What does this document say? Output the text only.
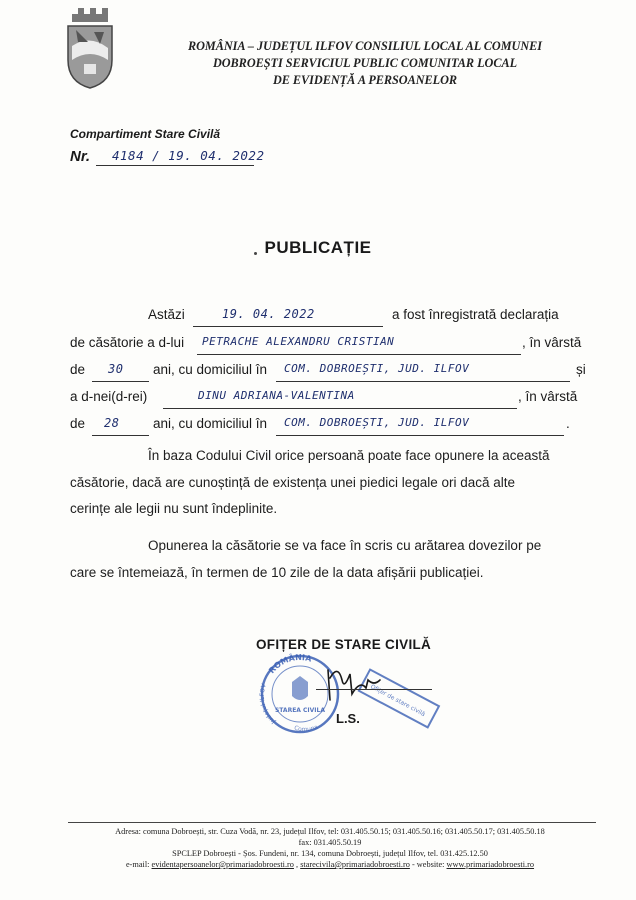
ROMÂNIA – JUDEȚUL ILFOV CONSILIUL LOCAL AL COMUNEI
DOBROEȘTI SERVICIUL PUBLIC COMUNITAR LOCAL
DE EVIDENȚĂ A PERSOANELOR
Compartiment Stare Civilă
Nr. 4184 / 19. 04. 2022
PUBLICAȚIE
Astăzi	19. 04. 2022	a fost înregistrată declarația
de căsătorie a d-lui PETRACHE ALEXANDRU CRISTIAN	, în vârstă
de 30 ani, cu domiciliul în COM. DOBROEȘTI, JUD. ILFOV	și
a d-nei(d-rei)	DINU ADRIANA-VALENTINA	, în vârstă
de 28 ani, cu domiciliul în COM. DOBROEȘTI, JUD. ILFOV	.
În baza Codului Civil orice persoană poate face opunere la această
căsătorie, dacă are cunoștință de existența unei piedici legale ori dacă alte
cerințe ale legii nu sunt îndeplinite.
Opunerea la căsătorie se va face în scris cu arătarea dovezilor pe
care se întemeiază, în termen de 10 zile de la data afișării publicației.
OFIȚER DE STARE CIVILĂ
ROMÂNIA
Județul ILFOV
Comuna
STAREA CIVILĂ	Ofițer de stare civilă
L.S.
Adresa: comuna Dobroești, str. Cuza Vodă, nr. 23, județul Ilfov, tel: 031.405.50.15; 031.405.50.16; 031.405.50.17; 031.405.50.18
fax: 031.405.50.19
SPCLEP Dobroești - Șos. Fundeni, nr. 134, comuna Dobroești, județul Ilfov, tel. 031.425.12.50
e-mail: evidentapersoanelor@primariadobroesti.ro , starecivila@primariadobroesti.ro - website: www.primariadobroesti.ro
